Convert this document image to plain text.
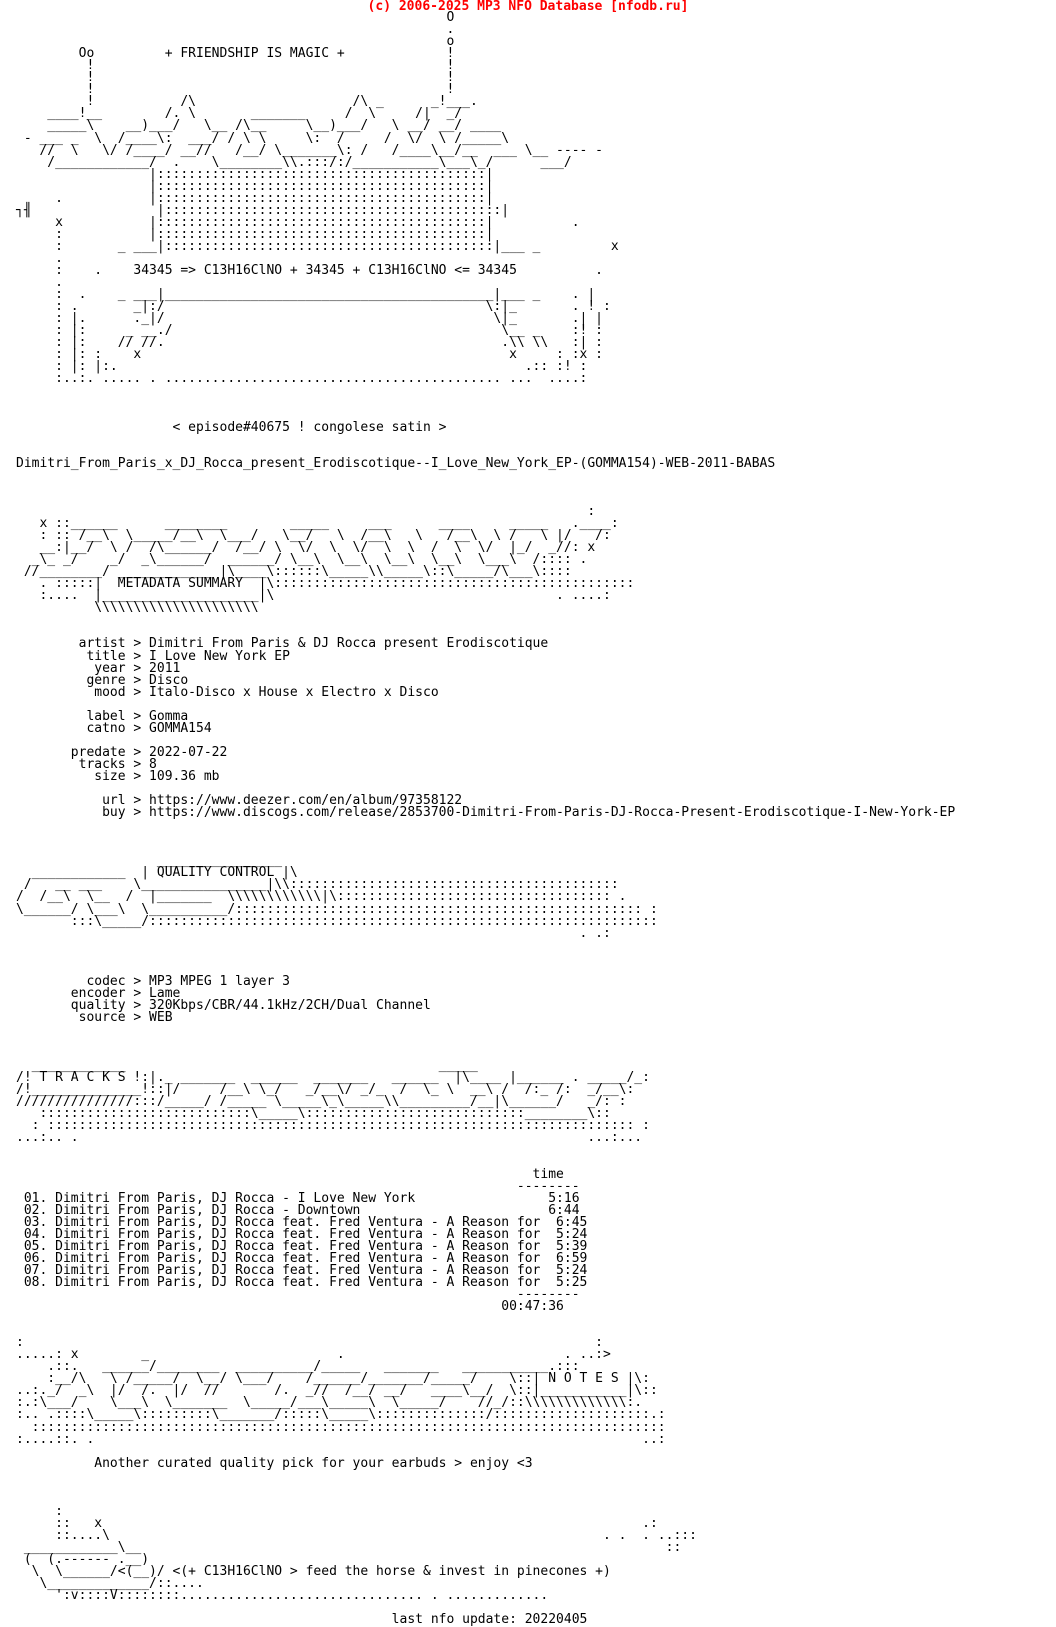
(c) 2006-2025 MP3 NFO Database [nfodb.ru]
O
.
o
Oo         + FRIENDSHIP IS MAGIC +             !
!                                             !
!                                             !
!                                             !
!           /\                    /\ _      _!___.
____!__        /. \       _______     /  \     /|  _/
_____\    __)___/   \__ /\__     \__)___/   \ __/ __/ ____
- ___ _  \  /____\:  ___/ / \ \     \:  /     /  \/  \ /_____\
//  \   \/ /____/ __//   /__/ \_______\: /   /____\__/__  ___ \__ ---- -
/____________/  .    \________\\.:::/:/___________\___\_/      ___/
|::::::::::::::::::::::::::::::::::::::::::|
|::::::::::::::::::::::::::::::::::::::::::|
.           |::::::::::::::::::::::::::::::::::::::::::|
┐╢                |:::::::::::::::::::::::::::::::::::::::::::|
x           |::::::::::::::::::::::::::::::::::::::::::|          .
:           |::::::::::::::::::::::::::::::::::::::::::|
:       _ ___|::::::::::::::::::::::::::::::::::::::::::|___ _         x
.
:    .    34345 => C13H16ClNO + 34345 + C13H16ClNO <= 34345          .
.
:  .    _ ___|__________________________________________|___ _    . |
: .       _|:/                                         \:|_       . ! :
: |.      ._|/                                          \|_       .| |
: |:     _ __./                                          \__ _    :! :
: |:    // //.                                           .\\ \\   :| :
: |: :    x                                               x     : :x :
: |: |:.                                                    .:: :! :
:..:. ..... . ........................................... ...  ....:
< episode#40675 ! congolese satin >
Dimitri_From_Paris_x_DJ_Rocca_present_Erodiscotique--I_Love_New_York_EP-(GOMMA154)-WEB-2011-BABAS
:
x ::______      ________        _____     ___      ____     _____   .____:
: :: /__\  \_____/__\  \___/   \__/   \  /__\   \   /__\  \ /   \ |/   /:
__:|__/  \ /  /\______/  /__/ \  \/  \  \/  \  \  /  \  \/  |_/  _//: x
_\_ _/    _/  _\______/  ______/ \__\  \__\  \__\  \__\  \___\  /:::: .
//________/ ____________ |\____\::::::\_____\\_____\::\_____/\___\::::
. :::::|  METADATA SUMMARY  |\::::::::::::::::::::::::::::::::::::::::::::::
:....  |____________________|\                                    . ....:
\\\\\\\\\\\\\\\\\\\\\
artist > Dimitri From Paris & DJ Rocca present Erodiscotique
title > I Love New York EP
year > 2011
genre > Disco
mood > Italo-Disco x House x Electro x Disco
label > Gomma
catno > GOMMA154
predate > 2022-07-22
tracks > 8
size > 109.36 mb
url > https://www.deezer.com/en/album/97358122
buy > https://www.discogs.com/release/2853700-Dimitri-From-Paris-DJ-Rocca-Present-Erodiscotique-I-New-York-EP
________________
____________  | QUALITY CONTROL |\
/   __ ___    \________________|\\::::::::::::::::::::::::::::::::::::::::::
/  /__\  \__  /  |_______  \\\\\\\\\\\\|\::::::::::::::::::::::::::::::::::: .
\______/ \___\  \__________/:::::::::::::::::::::::::::::::::::::::::::::::::::: :
:::\_____/:::::::::::::::::::::::::::::::::::::::::::::::::::::::::::::::::
. .:
codec > MP3 MPEG 1 layer 3
encoder > Lame
quality > 320Kbps/CBR/44.1kHz/2CH/Dual Channel
source > WEB
____________                                        _____
/! T R A C K S !:|._ _______  ______  _______   ______  |\____ |______ . _____/_:
/!______________!::|/     /__\ \_/   _/__\/ _/_  /  \_ \  __\ /  /:_ /:  _/__\:
///////////////:::/_____/ /_____ \_____\_\_____\\_________/__|\______/   _/: :
:::::::::::::::::::::::::::\_____\::::::::::::::::::::::::::::________\::
: ::::::::::::::::::::::::::::::::::::::::::::::::::::::::::::::::::::::::::: :
...:.. .                                                                 ...:...
time
--------
01. Dimitri From Paris, DJ Rocca - I Love New York                 5:16
02. Dimitri From Paris, DJ Rocca - Downtown                        6:44
03. Dimitri From Paris, DJ Rocca feat. Fred Ventura - A Reason for  6:45
04. Dimitri From Paris, DJ Rocca feat. Fred Ventura - A Reason for  5:24
05. Dimitri From Paris, DJ Rocca feat. Fred Ventura - A Reason for  5:39
06. Dimitri From Paris, DJ Rocca feat. Fred Ventura - A Reason for  6:59
07. Dimitri From Paris, DJ Rocca feat. Fred Ventura - A Reason for  5:24
08. Dimitri From Paris, DJ Rocca feat. Fred Ventura - A Reason for  5:25
--------
00:47:36
:                                                                         :
.....: x        _                        .                            . ..:>
.::.   ______/________  __________/_____   _______   ___________.:::
:__/\   \ /_____/  \__/ \___/    /______/_______/_____/    \::| N O T E S |\:
..:._/  _\  |/  /.  |/  //       /.  _//  /__/ __/   ____\__/  \::|___________|\::
:.:\___/    \___\  \_______  \_____/___\_____\  \_____/    //_/::\\\\\\\\\\\\\:.
:.. .::::\_____\:::::::::\_______/:::::\_____\::::::::::::::/::::::::::::::::::::.:
:::::::::::::::::::::::::::::::::::::::::::::::::::::::::::::::::::::::::::::::::
:....::. .                                                                      ..:
Another curated quality pick for your earbuds > enjoy <3
:
::   x                                                                     .:
::....\                                                               . .  . ..:::
____________\__                                                                   ::
(  (.------ .__)
\  \______/<(__)/ <(+ C13H16ClNO > feed the horse & invest in pinecones +)
\_____________/::....
':v::::V::::::::............................... . .............
last nfo update: 20220405
